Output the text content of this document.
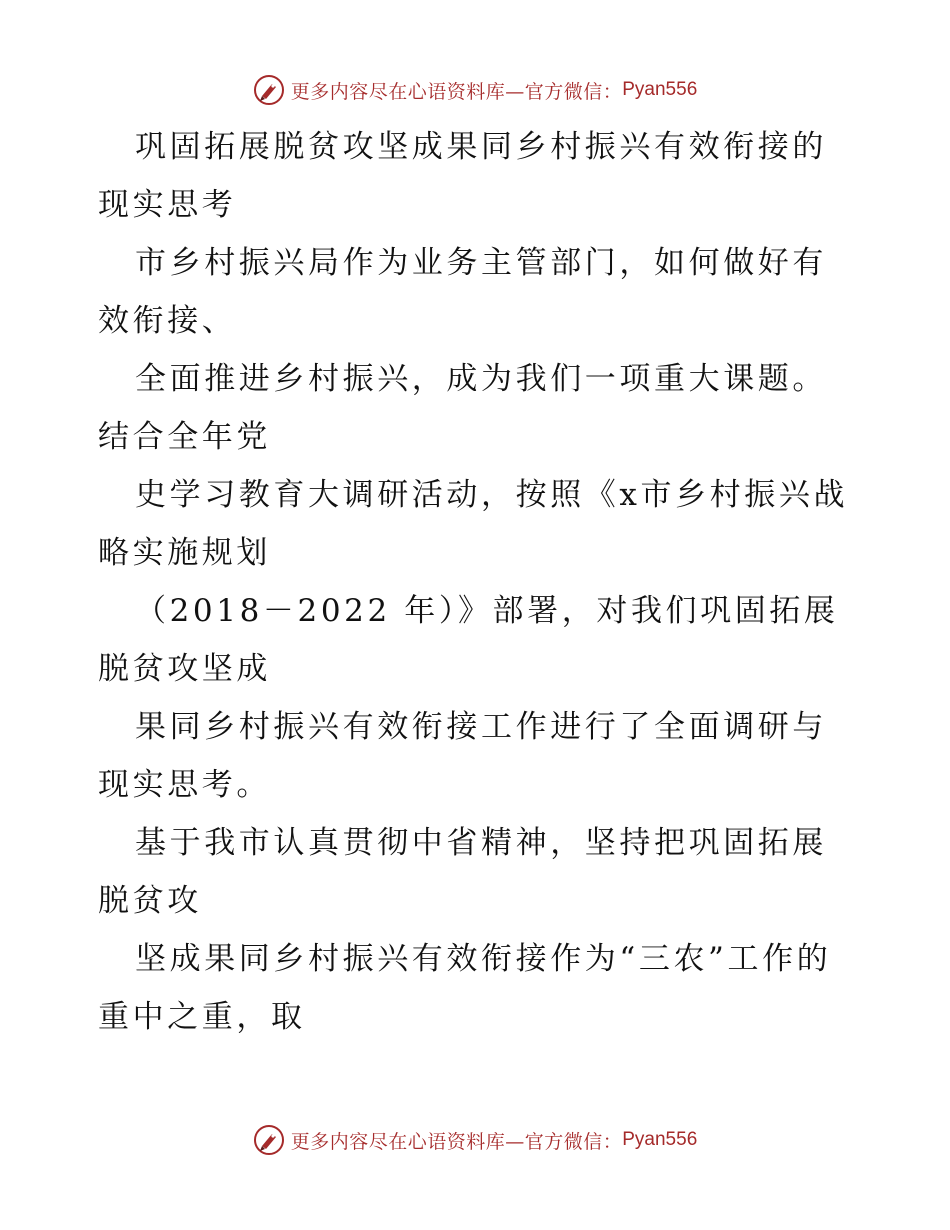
更多内容尽在心语资料库—官方微信： Pyan556

巩固拓展脱贫攻坚成果同乡村振兴有效衔接的现实思考

市乡村振兴局作为业务主管部门，如何做好有效衔接、

全面推进乡村振兴，成为我们一项重大课题。结合全年党

史学习教育大调研活动，按照《x市乡村振兴战略实施规划

（2018－2022 年）》部署，对我们巩固拓展脱贫攻坚成

果同乡村振兴有效衔接工作进行了全面调研与现实思考。

基于我市认真贯彻中省精神，坚持把巩固拓展脱贫攻

坚成果同乡村振兴有效衔接作为“三农”工作的重中之重，取

更多内容尽在心语资料库—官方微信： Pyan556
